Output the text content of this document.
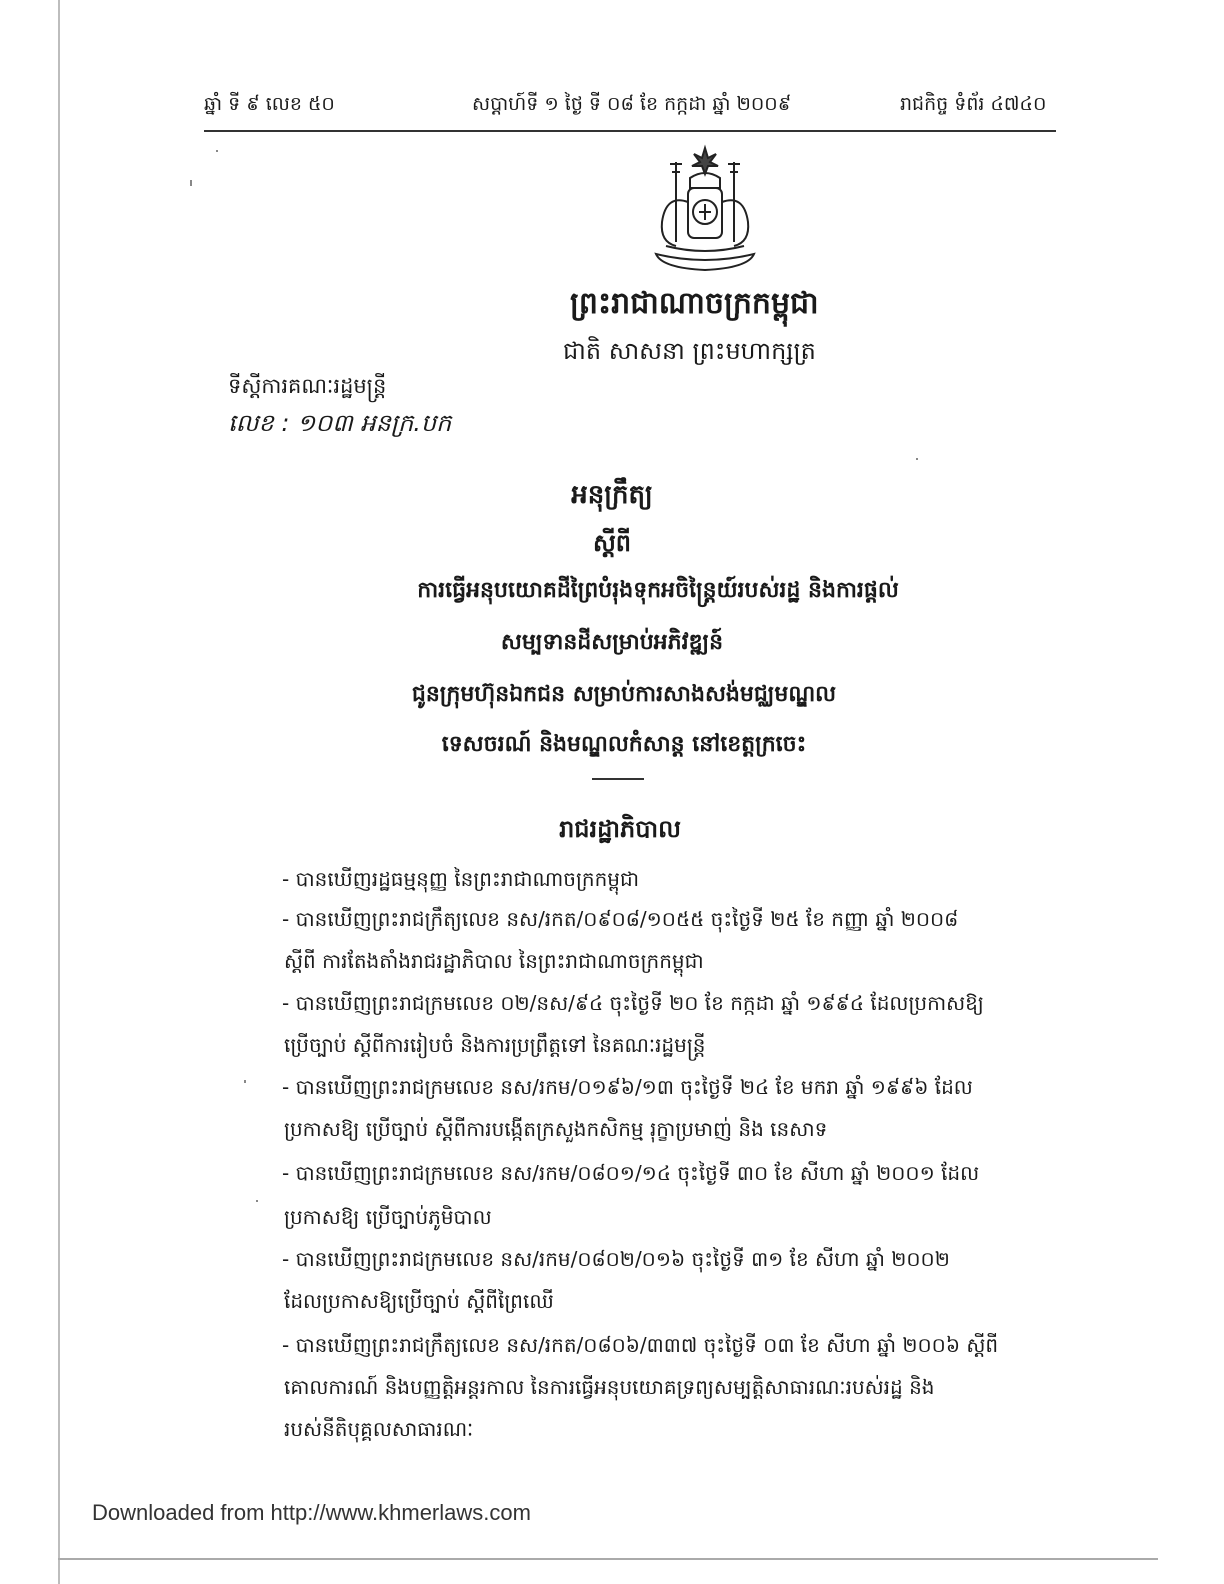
ឆ្នាំ ទី ៩ លេខ ៥០	សប្តាហ៍ទី ១ ថ្ងៃ ទី ០៨ ខែ កក្កដា ឆ្នាំ ២០០៩	រាជកិច្ច ទំព័រ ៤៧៤០
ព្រះរាជាណាចក្រកម្ពុជា
ជាតិ សាសនា ព្រះមហាក្សត្រ
ទីស្តីការគណៈរដ្ឋមន្ត្រី
លេខ : ១០៣ អនក្រ.បក
អនុក្រឹត្យ
ស្តីពី
ការធ្វើអនុបយោគដីព្រៃបំរុងទុកអចិន្ត្រៃយ៍របស់រដ្ឋ និងការផ្តល់
សម្បទានដីសម្រាប់អភិវឌ្ឍន៍
ជូនក្រុមហ៊ុនឯកជន សម្រាប់ការសាងសង់មជ្ឈមណ្ឌល
ទេសចរណ៍ និងមណ្ឌលកំសាន្ត នៅខេត្តក្រចេះ
រាជរដ្ឋាភិបាល
- បានឃើញរដ្ឋធម្មនុញ្ញ នៃព្រះរាជាណាចក្រកម្ពុជា
- បានឃើញព្រះរាជក្រឹត្យលេខ នស/រកត/០៩០៨/១០៥៥ ចុះថ្ងៃទី ២៥ ខែ កញ្ញា ឆ្នាំ ២០០៨
ស្តីពី ការតែងតាំងរាជរដ្ឋាភិបាល នៃព្រះរាជាណាចក្រកម្ពុជា
- បានឃើញព្រះរាជក្រមលេខ ០២/នស/៩៤ ចុះថ្ងៃទី ២០ ខែ កក្កដា ឆ្នាំ ១៩៩៤ ដែលប្រកាសឱ្យ
ប្រើច្បាប់ ស្តីពីការរៀបចំ និងការប្រព្រឹត្តទៅ នៃគណៈរដ្ឋមន្ត្រី
- បានឃើញព្រះរាជក្រមលេខ នស/រកម/០១៩៦/១៣ ចុះថ្ងៃទី ២៤ ខែ មករា ឆ្នាំ ១៩៩៦ ដែល
ប្រកាសឱ្យ ប្រើច្បាប់ ស្តីពីការបង្កើតក្រសួងកសិកម្ម រុក្ខាប្រមាញ់ និង នេសាទ
- បានឃើញព្រះរាជក្រមលេខ នស/រកម/០៨០១/១៤ ចុះថ្ងៃទី ៣០ ខែ សីហា ឆ្នាំ ២០០១ ដែល
ប្រកាសឱ្យ ប្រើច្បាប់ភូមិបាល
- បានឃើញព្រះរាជក្រមលេខ នស/រកម/០៨០២/០១៦ ចុះថ្ងៃទី ៣១ ខែ សីហា ឆ្នាំ ២០០២
ដែលប្រកាសឱ្យប្រើច្បាប់ ស្តីពីព្រៃឈើ
- បានឃើញព្រះរាជក្រឹត្យលេខ នស/រកត/០៨០៦/៣៣៧ ចុះថ្ងៃទី ០៣ ខែ សីហា ឆ្នាំ ២០០៦ ស្តីពី
គោលការណ៍ និងបញ្ញត្តិអន្តរកាល នៃការធ្វើអនុបយោគទ្រព្យសម្បត្តិសាធារណៈរបស់រដ្ឋ និង
របស់នីតិបុគ្គលសាធារណៈ
Downloaded from http://www.khmerlaws.com
